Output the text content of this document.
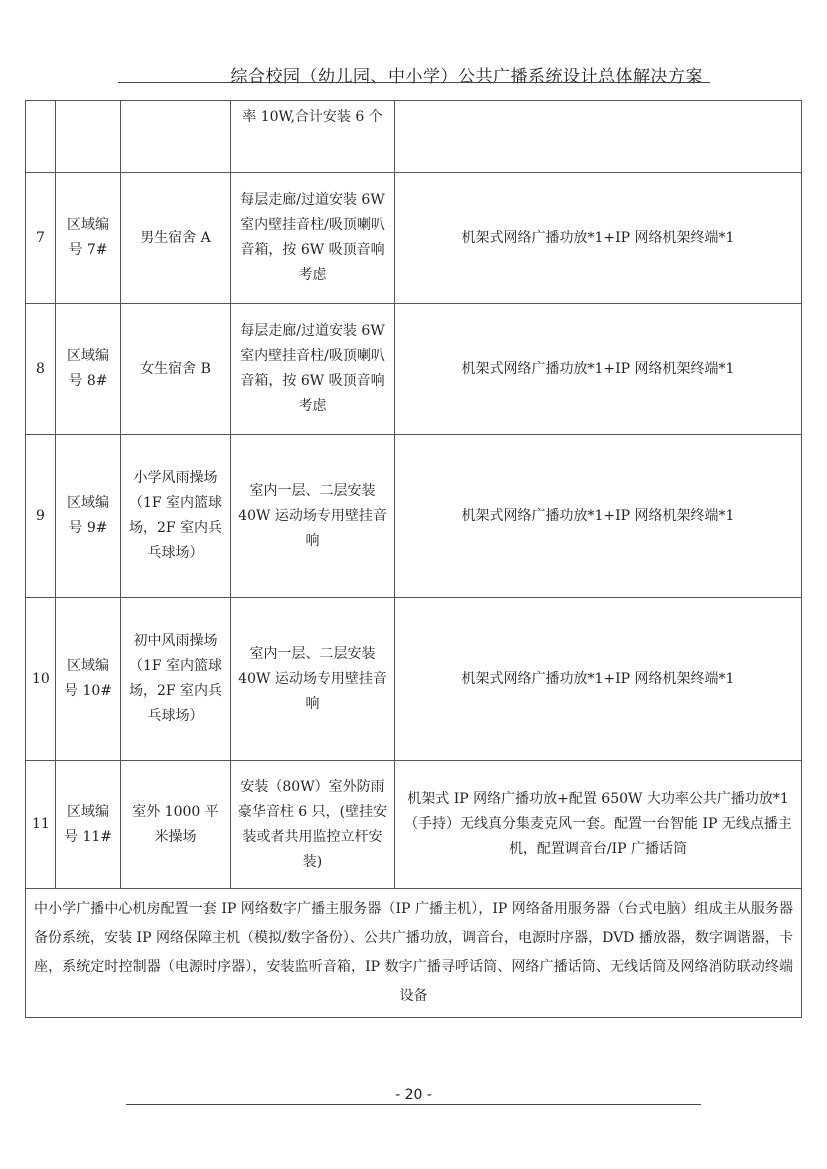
综合校园（幼儿园、中小学）公共广播系统设计总体解决方案
			率 10W,合计安装 6 个	
7	区域编号 7#	男生宿舍 A	每层走廊/过道安装 6W 室内壁挂音柱/吸顶喇叭音箱，按 6W 吸顶音响考虑	机架式网络广播功放*1+IP 网络机架终端*1
8	区域编号 8#	女生宿舍 B	每层走廊/过道安装 6W 室内壁挂音柱/吸顶喇叭音箱，按 6W 吸顶音响考虑	机架式网络广播功放*1+IP 网络机架终端*1
9	区域编号 9#	小学风雨操场（1F 室内篮球场，2F 室内兵乓球场）	室内一层、二层安装 40W 运动场专用壁挂音响	机架式网络广播功放*1+IP 网络机架终端*1
10	区域编号 10#	初中风雨操场（1F 室内篮球场，2F 室内兵乓球场）	室内一层、二层安装 40W 运动场专用壁挂音响	机架式网络广播功放*1+IP 网络机架终端*1
11	区域编号 11#	室外 1000 平米操场	安装（80W）室外防雨豪华音柱 6 只，(壁挂安装或者共用监控立杆安装)	机架式 IP 网络广播功放+配置 650W 大功率公共广播功放*1（手持）无线真分集麦克风一套。配置一台智能 IP 无线点播主机，配置调音台/IP 广播话筒

中小学广播中心机房配置一套 IP 网络数字广播主服务器（IP 广播主机），IP 网络备用服务器（台式电脑）组成主从服务器备份系统，安装 IP 网络保障主机（模拟/数字备份）、公共广播功放，调音台，电源时序器，DVD 播放器，数字调谐器，卡座，系统定时控制器（电源时序器），安装监听音箱，IP 数字广播寻呼话筒、网络广播话筒、无线话筒及网络消防联动终端设备				
- 20 -
